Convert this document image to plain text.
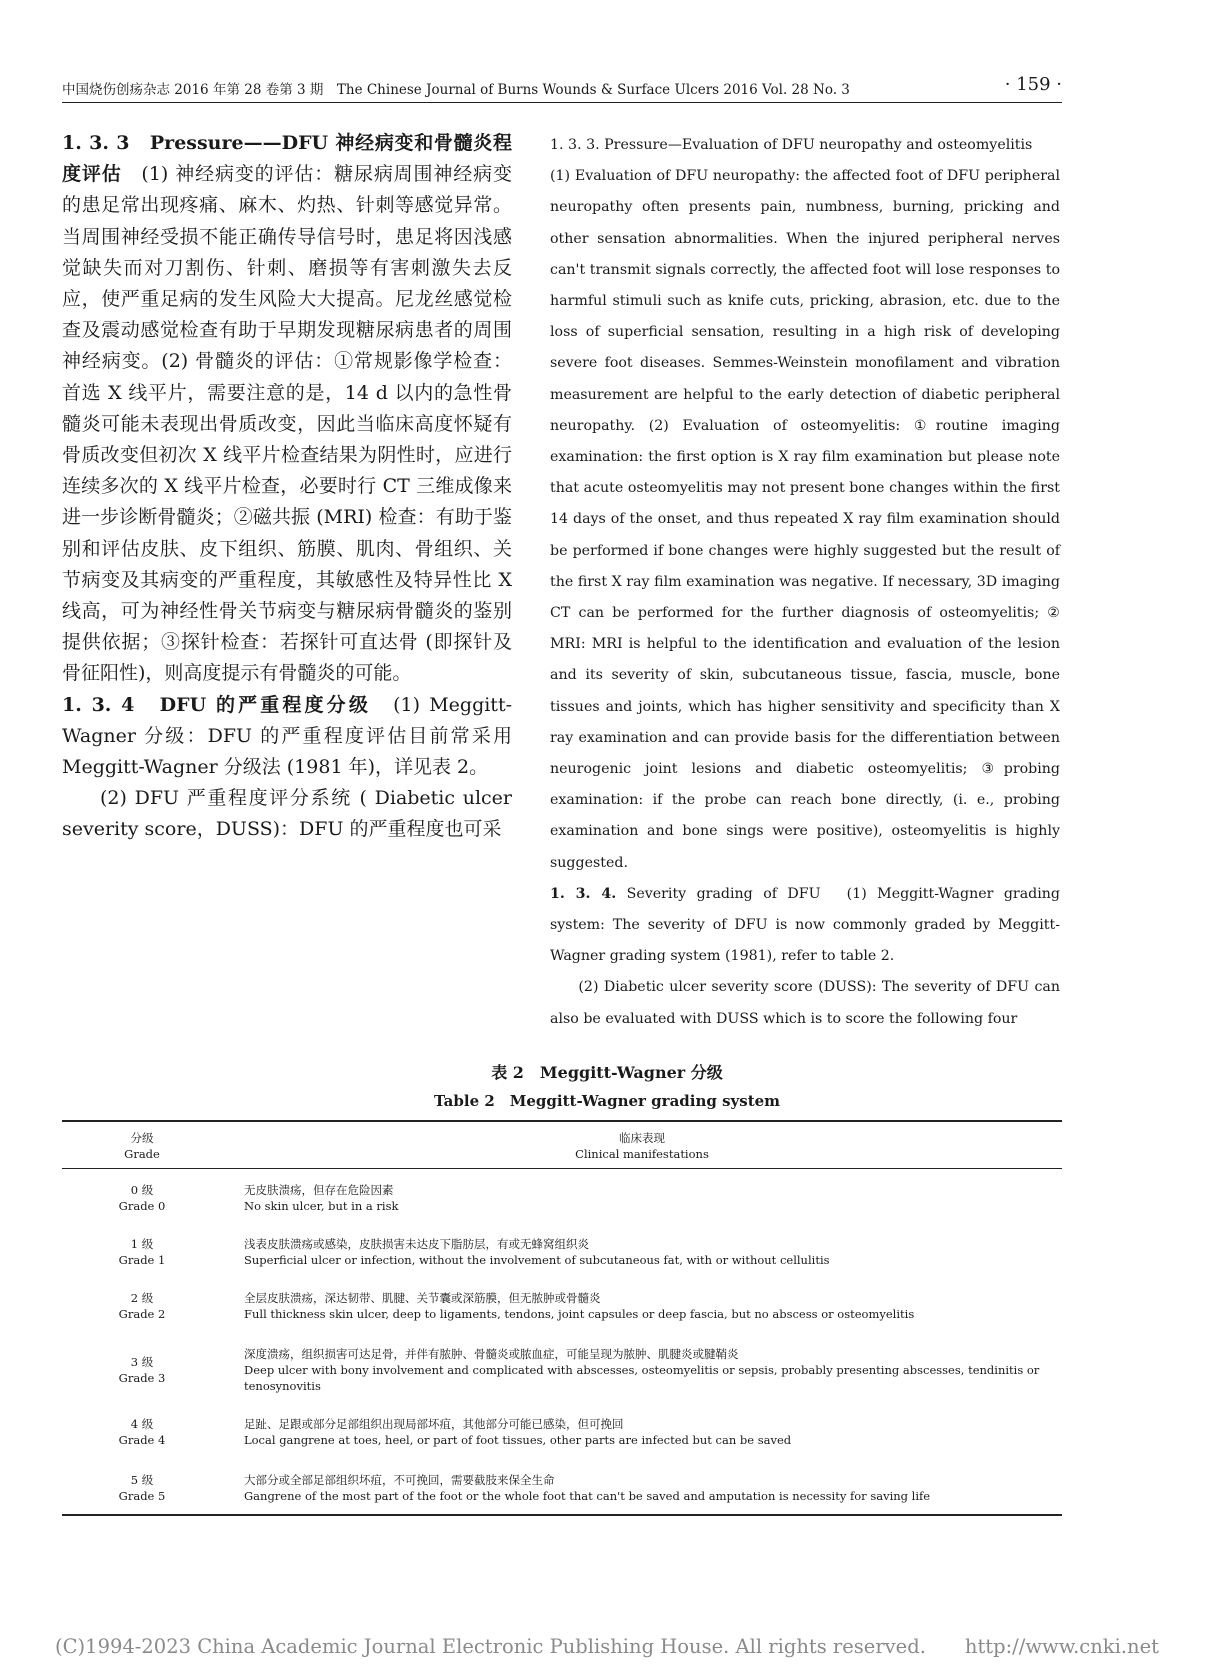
中国烧伤创疡杂志 2016 年第 28 卷第 3 期　The Chinese Journal of Burns Wounds & Surface Ulcers 2016 Vol. 28 No. 3	· 159 ·

1. 3. 3　Pressure——DFU 神经病变和骨髓炎程度评估　(1) 神经病变的评估：糖尿病周围神经病变的患足常出现疼痛、麻木、灼热、针刺等感觉异常。当周围神经受损不能正确传导信号时，患足将因浅感觉缺失而对刀割伤、针刺、磨损等有害刺激失去反应，使严重足病的发生风险大大提高。尼龙丝感觉检查及震动感觉检查有助于早期发现糖尿病患者的周围神经病变。(2) 骨髓炎的评估：①常规影像学检查：首选 X 线平片，需要注意的是，14 d 以内的急性骨髓炎可能未表现出骨质改变，因此当临床高度怀疑有骨质改变但初次 X 线平片检查结果为阴性时，应进行连续多次的 X 线平片检查，必要时行 CT 三维成像来进一步诊断骨髓炎；②磁共振 (MRI) 检查：有助于鉴别和评估皮肤、皮下组织、筋膜、肌肉、骨组织、关节病变及其病变的严重程度，其敏感性及特异性比 X 线高，可为神经性骨关节病变与糖尿病骨髓炎的鉴别提供依据；③探针检查：若探针可直达骨 (即探针及骨征阳性)，则高度提示有骨髓炎的可能。

1. 3. 4　DFU 的严重程度分级　(1) Meggitt-Wagner 分级：DFU 的严重程度评估目前常采用 Meggitt-Wagner 分级法 (1981 年)，详见表 2。

(2) DFU 严重程度评分系统 ( Diabetic ulcer severity score，DUSS)：DFU 的严重程度也可采

1. 3. 3. Pressure—Evaluation of DFU neuropathy and osteomyelitis

(1) Evaluation of DFU neuropathy: the affected foot of DFU peripheral neuropathy often presents pain, numbness, burning, pricking and other sensation abnormalities. When the injured peripheral nerves can't transmit signals correctly, the affected foot will lose responses to harmful stimuli such as knife cuts, pricking, abrasion, etc. due to the loss of superficial sensation, resulting in a high risk of developing severe foot diseases. Semmes-Weinstein monofilament and vibration measurement are helpful to the early detection of diabetic peripheral neuropathy. (2) Evaluation of osteomyelitis: ①routine imaging examination: the first option is X ray film examination but please note that acute osteomyelitis may not present bone changes within the first 14 days of the onset, and thus repeated X ray film examination should be performed if bone changes were highly suggested but the result of the first X ray film examination was negative. If necessary, 3D imaging CT can be performed for the further diagnosis of osteomyelitis; ② MRI: MRI is helpful to the identification and evaluation of the lesion and its severity of skin, subcutaneous tissue, fascia, muscle, bone tissues and joints, which has higher sensitivity and specificity than X ray examination and can provide basis for the differentiation between neurogenic joint lesions and diabetic osteomyelitis; ③probing examination: if the probe can reach bone directly, (i. e., probing examination and bone sings were positive), osteomyelitis is highly suggested.

1. 3. 4. Severity grading of DFU　(1) Meggitt-Wagner grading system: The severity of DFU is now commonly graded by Meggitt-Wagner grading system (1981), refer to table 2.

(2) Diabetic ulcer severity score (DUSS): The severity of DFU can also be evaluated with DUSS which is to score the following four

表 2　Meggitt-Wagner 分级
Table 2　Meggitt-Wagner grading system
分级
Grade
临床表现
Clinical manifestations
0 级
Grade 0
无皮肤溃疡，但存在危险因素
No skin ulcer, but in a risk
1 级
Grade 1
浅表皮肤溃疡或感染，皮肤损害未达皮下脂肪层，有或无蜂窝组织炎
Superficial ulcer or infection, without the involvement of subcutaneous fat, with or without cellulitis
2 级
Grade 2
全层皮肤溃疡，深达韧带、肌腱、关节囊或深筋膜，但无脓肿或骨髓炎
Full thickness skin ulcer, deep to ligaments, tendons, joint capsules or deep fascia, but no abscess or osteomyelitis
3 级
Grade 3
深度溃疡，组织损害可达足骨，并伴有脓肿、骨髓炎或脓血症，可能呈现为脓肿、肌腱炎或腱鞘炎
Deep ulcer with bony involvement and complicated with abscesses, osteomyelitis or sepsis, probably presenting abscesses, tendinitis or tenosynovitis
4 级
Grade 4
足趾、足跟或部分足部组织出现局部坏疽，其他部分可能已感染，但可挽回
Local gangrene at toes, heel, or part of foot tissues, other parts are infected but can be saved
5 级
Grade 5
大部分或全部足部组织坏疽，不可挽回，需要截肢来保全生命
Gangrene of the most part of the foot or the whole foot that can't be saved and amputation is necessity for saving life
(C)1994-2023 China Academic Journal Electronic Publishing House. All rights reserved.　　http://www.cnki.net
